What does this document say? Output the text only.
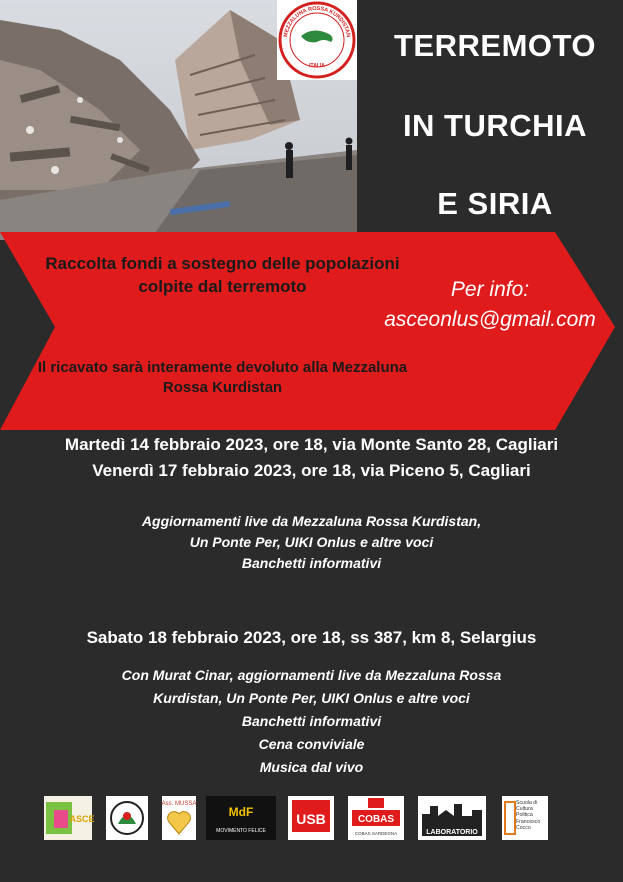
MEZZALUNA ROSSA KURDISTAN
ITALIA
TERREMOTO
IN TURCHIA
E SIRIA
Raccolta fondi a sostegno delle popolazioni colpite dal terremoto
Il ricavato sarà interamente devoluto alla Mezzaluna Rossa Kurdistan
Per info:
asceonlus@gmail.com
Martedì 14 febbraio 2023, ore 18, via Monte Santo 28, Cagliari
Venerdì 17 febbraio 2023, ore 18, via Piceno 5, Cagliari
Aggiornamenti live da Mezzaluna Rossa Kurdistan,
Un Ponte Per, UIKI Onlus e altre voci
Banchetti informativi
Sabato 18 febbraio 2023, ore 18, ss 387, km 8, Selargius
Con Murat Cinar, aggiornamenti live da Mezzaluna Rossa
Kurdistan, Un Ponte Per, UIKI Onlus e altre voci
Banchetti informativi
Cena conviviale
Musica dal vivo
ASCE
Ass. MUSSA
MdF
MOVIMENTO FELICE
USB	COBAS
COBAS SARDEGNA	LABORATORIO
Scuola di Cultura Politica Francesco Cocco
